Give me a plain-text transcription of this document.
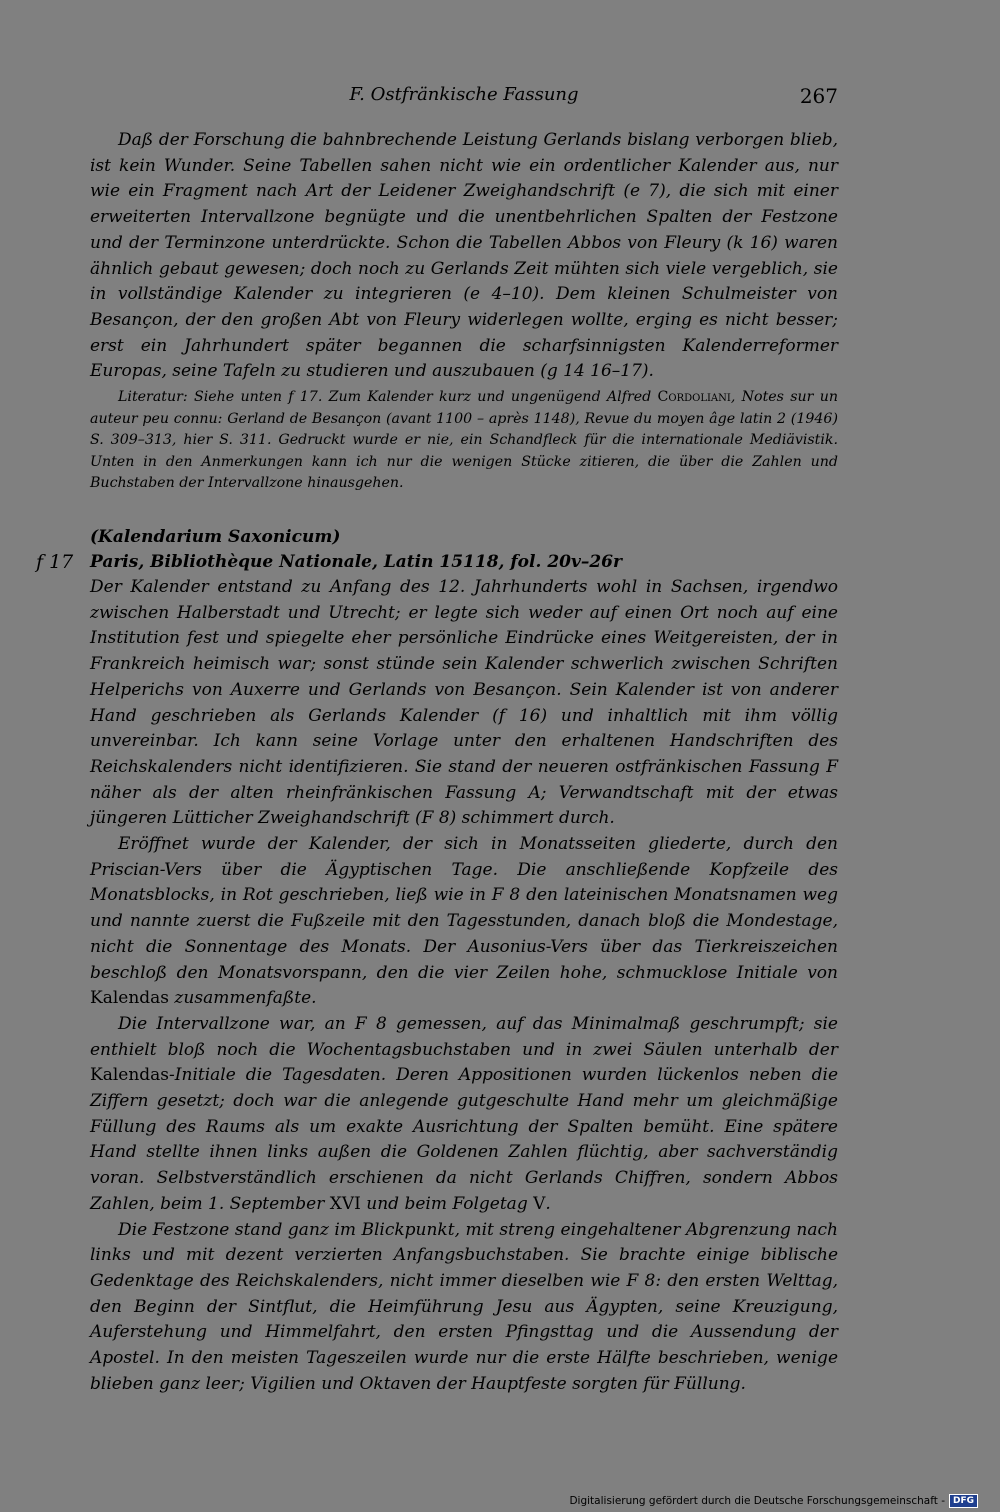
F. Ostfränkische Fassung	267

Daß der Forschung die bahnbrechende Leistung Gerlands bislang verborgen blieb, ist kein Wunder. Seine Tabellen sahen nicht wie ein ordentlicher Kalender aus, nur wie ein Fragment nach Art der Leidener Zweighandschrift (e 7), die sich mit einer erweiterten Intervallzone begnügte und die unentbehrlichen Spalten der Festzone und der Terminzone unterdrückte. Schon die Tabellen Abbos von Fleury (k 16) waren ähnlich gebaut gewesen; doch noch zu Gerlands Zeit mühten sich viele vergeblich, sie in vollständige Kalender zu integrieren (e 4–10). Dem kleinen Schulmeister von Besançon, der den großen Abt von Fleury widerlegen wollte, erging es nicht besser; erst ein Jahrhundert später begannen die scharfsinnigsten Kalenderreformer Europas, seine Tafeln zu studieren und auszubauen (g 14 16–17).

Literatur: Siehe unten f 17. Zum Kalender kurz und ungenügend Alfred Cordoliani, Notes sur un auteur peu connu: Gerland de Besançon (avant 1100 – après 1148), Revue du moyen âge latin 2 (1946) S. 309–313, hier S. 311. Gedruckt wurde er nie, ein Schandfleck für die internationale Mediävistik. Unten in den Anmerkungen kann ich nur die wenigen Stücke zitieren, die über die Zahlen und Buchstaben der Intervallzone hinausgehen.

(Kalendarium Saxonicum)
f 17 Paris, Bibliothèque Nationale, Latin 15118, fol. 20v–26r

Der Kalender entstand zu Anfang des 12. Jahrhunderts wohl in Sachsen, irgendwo zwischen Halberstadt und Utrecht; er legte sich weder auf einen Ort noch auf eine Institution fest und spiegelte eher persönliche Eindrücke eines Weitgereisten, der in Frankreich heimisch war; sonst stünde sein Kalender schwerlich zwischen Schriften Helperichs von Auxerre und Gerlands von Besançon. Sein Kalender ist von anderer Hand geschrieben als Gerlands Kalender (f 16) und inhaltlich mit ihm völlig unvereinbar. Ich kann seine Vorlage unter den erhaltenen Handschriften des Reichskalenders nicht identifizieren. Sie stand der neueren ostfränkischen Fassung F näher als der alten rheinfränkischen Fassung A; Verwandtschaft mit der etwas jüngeren Lütticher Zweighandschrift (F 8) schimmert durch.

Eröffnet wurde der Kalender, der sich in Monatsseiten gliederte, durch den Priscian-Vers über die Ägyptischen Tage. Die anschließende Kopfzeile des Monatsblocks, in Rot geschrieben, ließ wie in F 8 den lateinischen Monatsnamen weg und nannte zuerst die Fußzeile mit den Tagesstunden, danach bloß die Mondestage, nicht die Sonnentage des Monats. Der Ausonius-Vers über das Tierkreiszeichen beschloß den Monatsvorspann, den die vier Zeilen hohe, schmucklose Initiale von Kalendas zusammenfaßte.

Die Intervallzone war, an F 8 gemessen, auf das Minimalmaß geschrumpft; sie enthielt bloß noch die Wochentagsbuchstaben und in zwei Säulen unterhalb der Kalendas-Initiale die Tagesdaten. Deren Appositionen wurden lückenlos neben die Ziffern gesetzt; doch war die anlegende gutgeschulte Hand mehr um gleichmäßige Füllung des Raums als um exakte Ausrichtung der Spalten bemüht. Eine spätere Hand stellte ihnen links außen die Goldenen Zahlen flüchtig, aber sachverständig voran. Selbstverständlich erschienen da nicht Gerlands Chiffren, sondern Abbos Zahlen, beim 1. September XVI und beim Folgetag V.

Die Festzone stand ganz im Blickpunkt, mit streng eingehaltener Abgrenzung nach links und mit dezent verzierten Anfangsbuchstaben. Sie brachte einige biblische Gedenktage des Reichskalenders, nicht immer dieselben wie F 8: den ersten Welttag, den Beginn der Sintflut, die Heimführung Jesu aus Ägypten, seine Kreuzigung, Auferstehung und Himmelfahrt, den ersten Pfingsttag und die Aussendung der Apostel. In den meisten Tageszeilen wurde nur die erste Hälfte beschrieben, wenige blieben ganz leer; Vigilien und Oktaven der Hauptfeste sorgten für Füllung.

Digitalisierung gefördert durch die Deutsche Forschungsgemeinschaft - DFG
